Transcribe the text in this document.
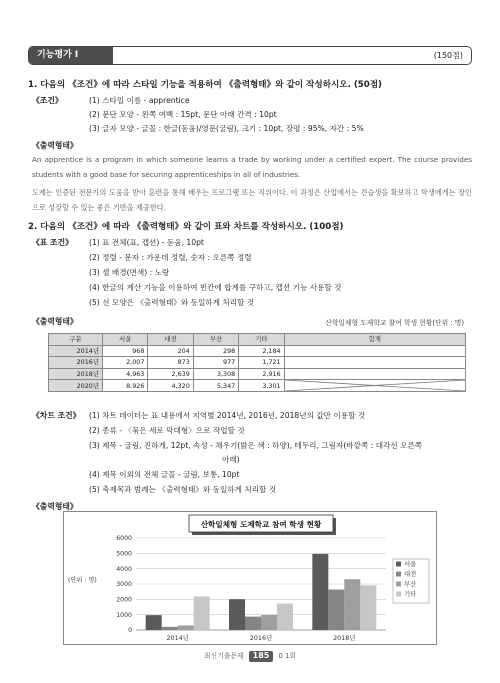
기능평가 Ⅰ	(150점)
1. 다음의 《조건》에 따라 스타일 기능을 적용하여 《출력형태》와 같이 작성하시오. (50점)
《조건》	(1) 스타일 이름 - apprentice
(2) 문단 모양 - 왼쪽 여백 : 15pt, 문단 아래 간격 : 10pt
(3) 글자 모양 - 글꼴 : 한글(돋움)/영문(굴림), 크기 : 10pt, 장평 : 95%, 자간 : 5%
《출력형태》
An apprentice is a program in which someone learns a trade by working under a certified expert. The course provides students with a good base for securing apprenticeships in all of industries.
도제는 인증된 전문가의 도움을 받아 훈련을 통해 배우는 프로그램 또는 직위이다. 이 과정은 산업에서는 견습생을 확보하고 학생에게는 장인으로 성장할 수 있는 좋은 기반을 제공한다.
2. 다음의 《조건》에 따라 《출력형태》와 같이 표와 차트를 작성하시오. (100점)
《표 조건》 (1) 표 전체(표, 캡션) - 돋움, 10pt
(2) 정렬 - 문자 : 가운데 정렬, 숫자 : 오른쪽 정렬
(3) 셀 배경(면색) : 노랑
(4) 한글의 계산 기능을 이용하여 빈칸에 합계를 구하고, 캡션 기능 사용할 것
(5) 선 모양은 《출력형태》와 동일하게 처리할 것
《출력형태》	산학일체형 도제학교 참여 학생 현황(단위 : 명)
구분	서울	대전	부산	기타	합계
2014년	968	204	298	2,184	
2016년	2,007	873	977	1,721	
2018년	4,963	2,639	3,308	2,916	
2020년	8,926	4,320	5,347	3,301	
《차트 조건》 (1) 차트 데이터는 표 내용에서 지역별 2014년, 2016년, 2018년의 값만 이용할 것
(2) 종류 - 〈묶은 세로 막대형〉으로 작업할 것
(3) 제목 - 굴림, 진하게, 12pt, 속성 - 채우기(밝은 색 : 하양), 테두리, 그림자(바깥쪽 : 대각선 오른쪽
아래)
(4) 제목 이외의 전체 글꼴 - 굴림, 보통, 10pt
(5) 축제목과 범례는 《출력형태》와 동일하게 처리할 것
《출력형태》
산학일체형 도제학교 참여 학생 현황
0
1000
2000
3000
4000
5000
6000
(단위 : 명)
2014년	2016년	2018년
서울
대전
부산
기타
최신기출문제 185 0 1회
